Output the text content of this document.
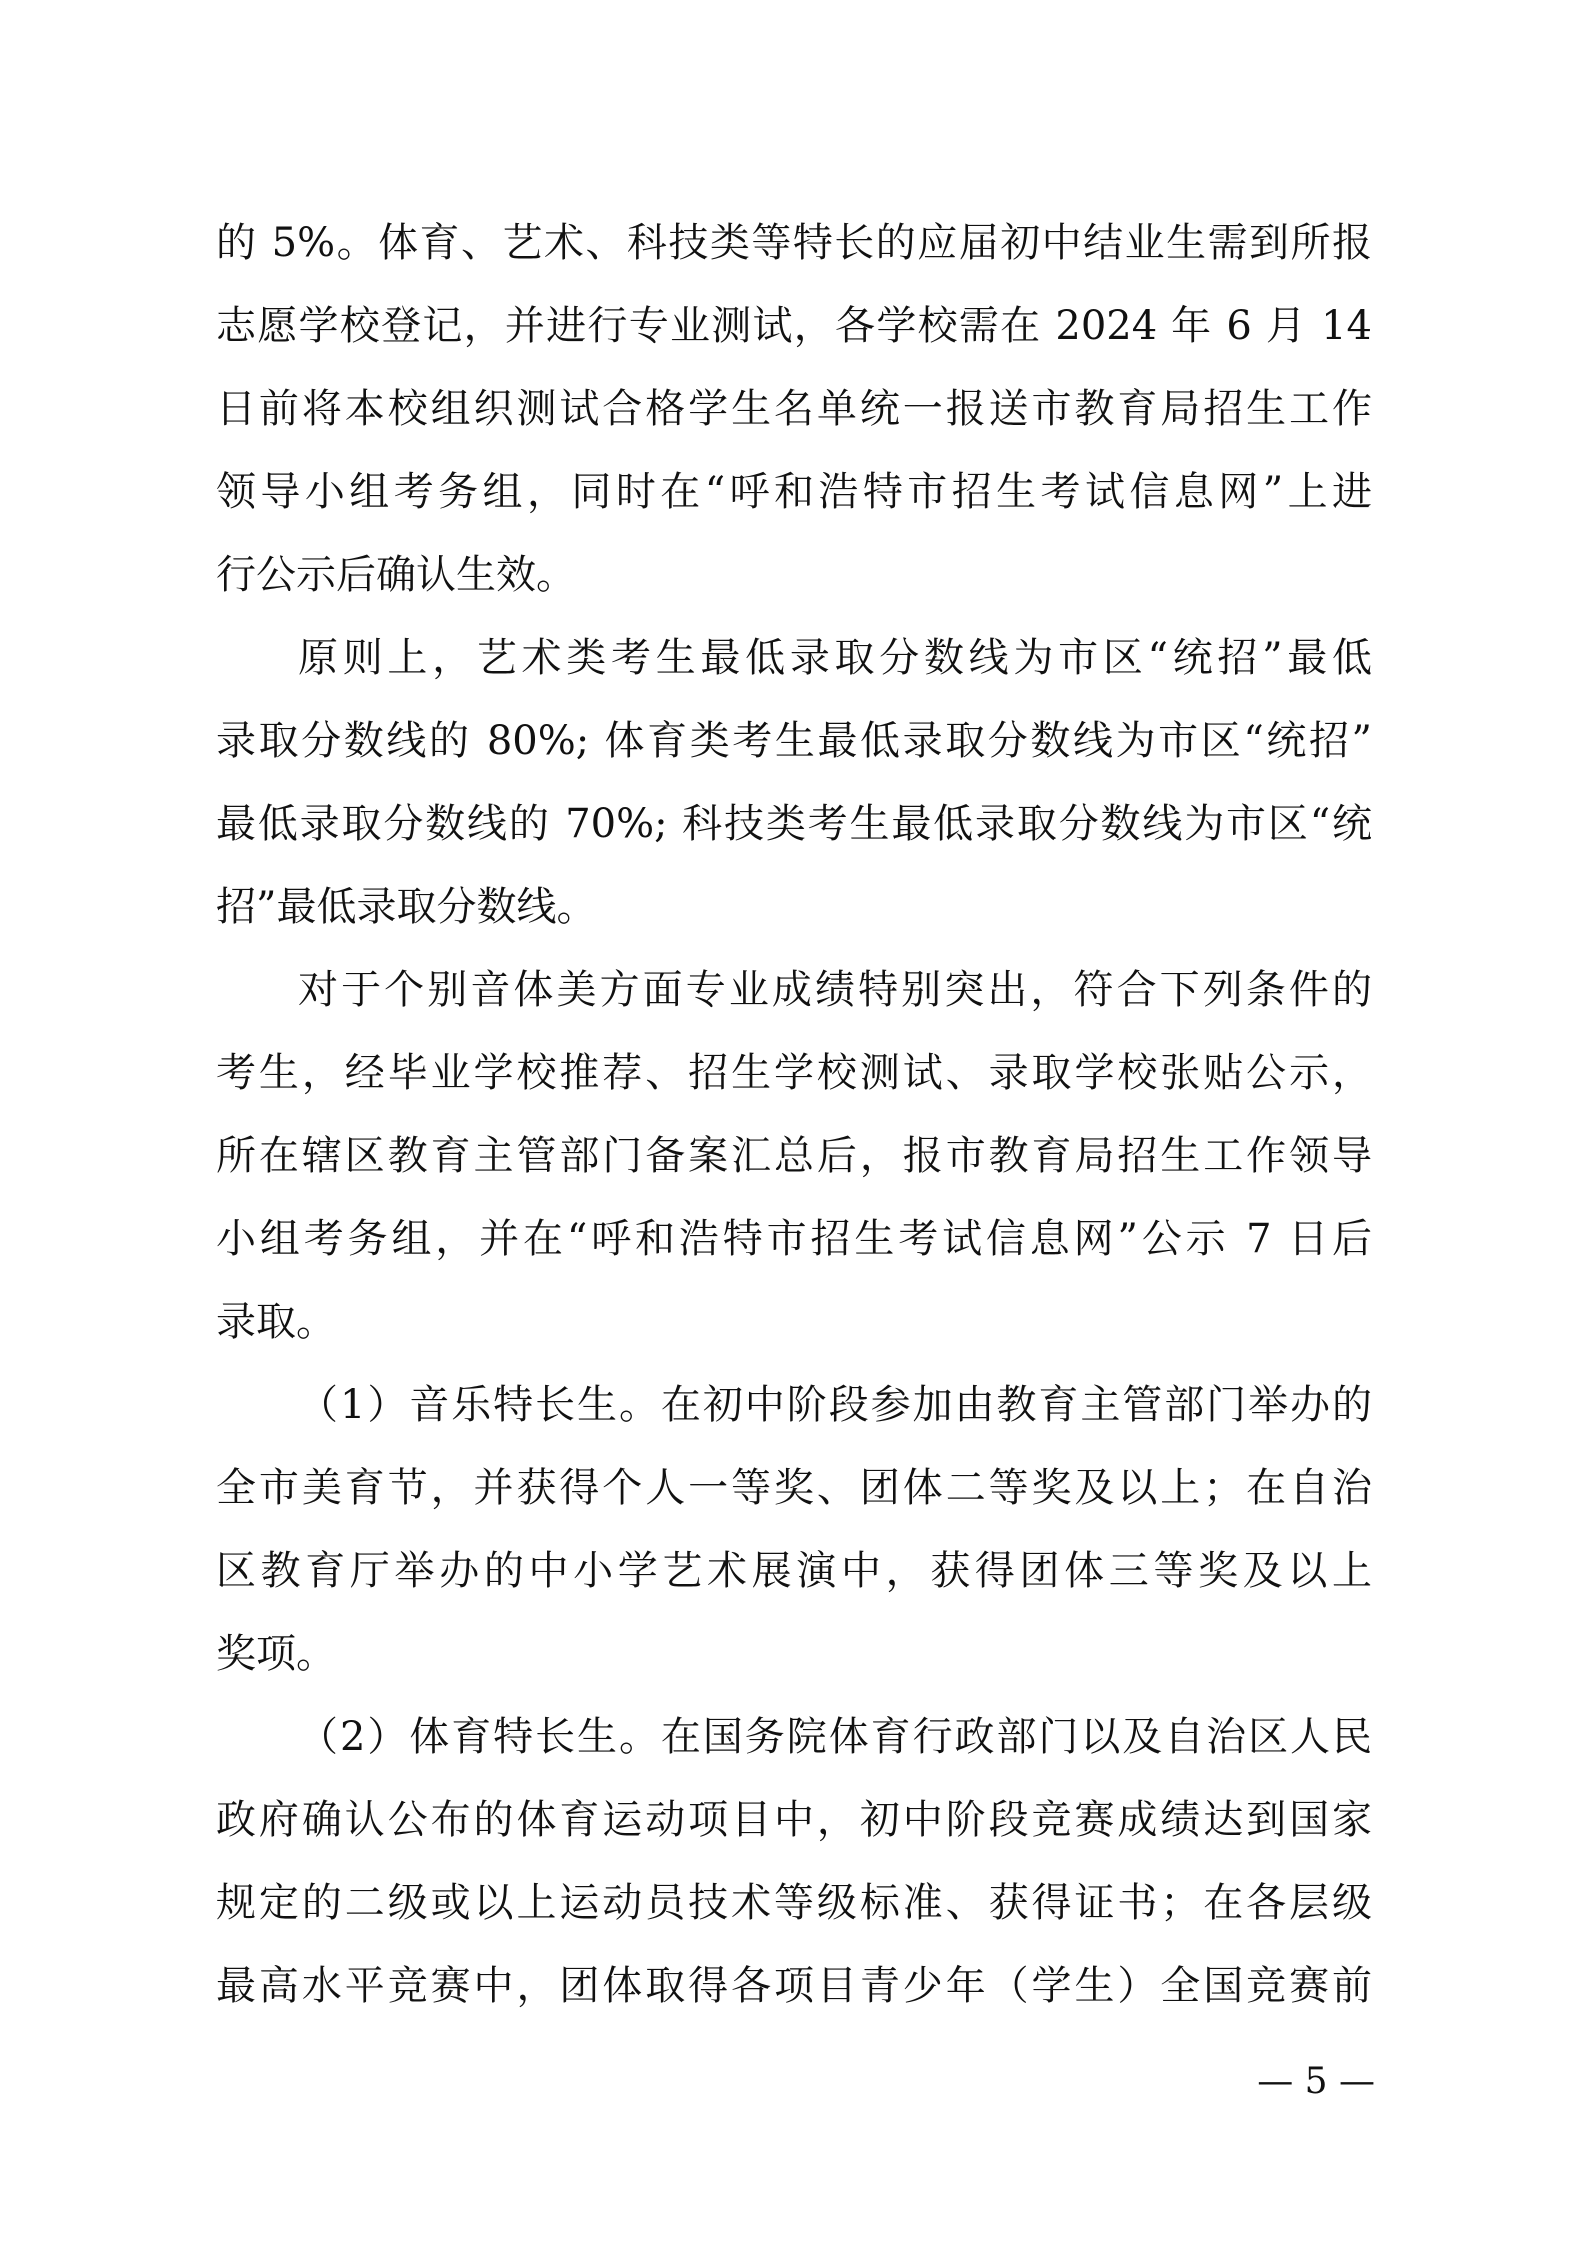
的 5%。体育、艺术、科技类等特长的应届初中结业生需到所报
志愿学校登记，并进行专业测试，各学校需在 2024 年 6 月 14
日前将本校组织测试合格学生名单统一报送市教育局招生工作
领导小组考务组，同时在“呼和浩特市招生考试信息网”上进
行公示后确认生效。
原则上，艺术类考生最低录取分数线为市区“统招”最低
录取分数线的 80%; 体育类考生最低录取分数线为市区“统招”
最低录取分数线的 70%; 科技类考生最低录取分数线为市区“统
招”最低录取分数线。
对于个别音体美方面专业成绩特别突出，符合下列条件的
考生，经毕业学校推荐、招生学校测试、录取学校张贴公示，
所在辖区教育主管部门备案汇总后，报市教育局招生工作领导
小组考务组，并在“呼和浩特市招生考试信息网”公示 7 日后
录取。
（1）音乐特长生。在初中阶段参加由教育主管部门举办的
全市美育节，并获得个人一等奖、团体二等奖及以上；在自治
区教育厅举办的中小学艺术展演中，获得团体三等奖及以上
奖项。
（2）体育特长生。在国务院体育行政部门以及自治区人民
政府确认公布的体育运动项目中，初中阶段竞赛成绩达到国家
规定的二级或以上运动员技术等级标准、获得证书；在各层级
最高水平竞赛中，团体取得各项目青少年（学生）全国竞赛前
— 5 —
